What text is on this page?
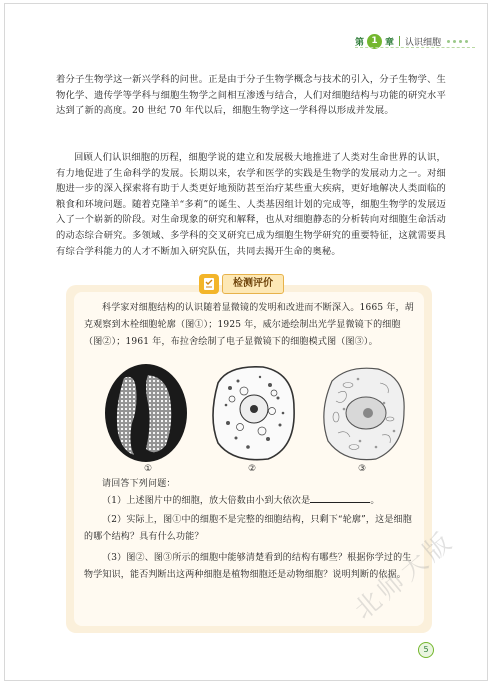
第 1 章 认识细胞
着分子生物学这一新兴学科的问世。正是由于分子生物学概念与技术的引入，分子生物学、生物化学、遗传学等学科与细胞生物学之间相互渗透与结合，人们对细胞结构与功能的研究水平达到了新的高度。20 世纪 70 年代以后，细胞生物学这一学科得以形成并发展。
回顾人们认识细胞的历程，细胞学说的建立和发展极大地推进了人类对生命世界的认识，有力地促进了生命科学的发展。长期以来，农学和医学的实践是生物学的发展动力之一。对细胞进一步的深入探索将有助于人类更好地预防甚至治疗某些重大疾病，更好地解决人类面临的粮食和环境问题。随着克隆羊“多莉”的诞生、人类基因组计划的完成等，细胞生物学的发展迈入了一个崭新的阶段。对生命现象的研究和解释，也从对细胞静态的分析转向对细胞生命活动的动态综合研究。多领域、多学科的交叉研究已成为细胞生物学研究的重要特征，这就需要具有综合学科能力的人才不断加入研究队伍，共同去揭开生命的奥秘。
检测评价
科学家对细胞结构的认识随着显微镜的发明和改进而不断深入。1665 年，胡克观察到木栓细胞轮廓（图①）；1925 年，威尔逊绘制出光学显微镜下的细胞（图②）；1961 年，布拉舍绘制了电子显微镜下的细胞模式图（图③）。
①	②	③
请回答下列问题：
（1）上述图片中的细胞，放大倍数由小到大依次是	。
（2）实际上，图①中的细胞不是完整的细胞结构，只剩下“轮廓”，这是细胞的哪个结构？具有什么功能？
（3）图②、图③所示的细胞中能够清楚看到的结构有哪些？根据你学过的生物学知识，能否判断出这两种细胞是植物细胞还是动物细胞？说明判断的依据。
北师大版
5
